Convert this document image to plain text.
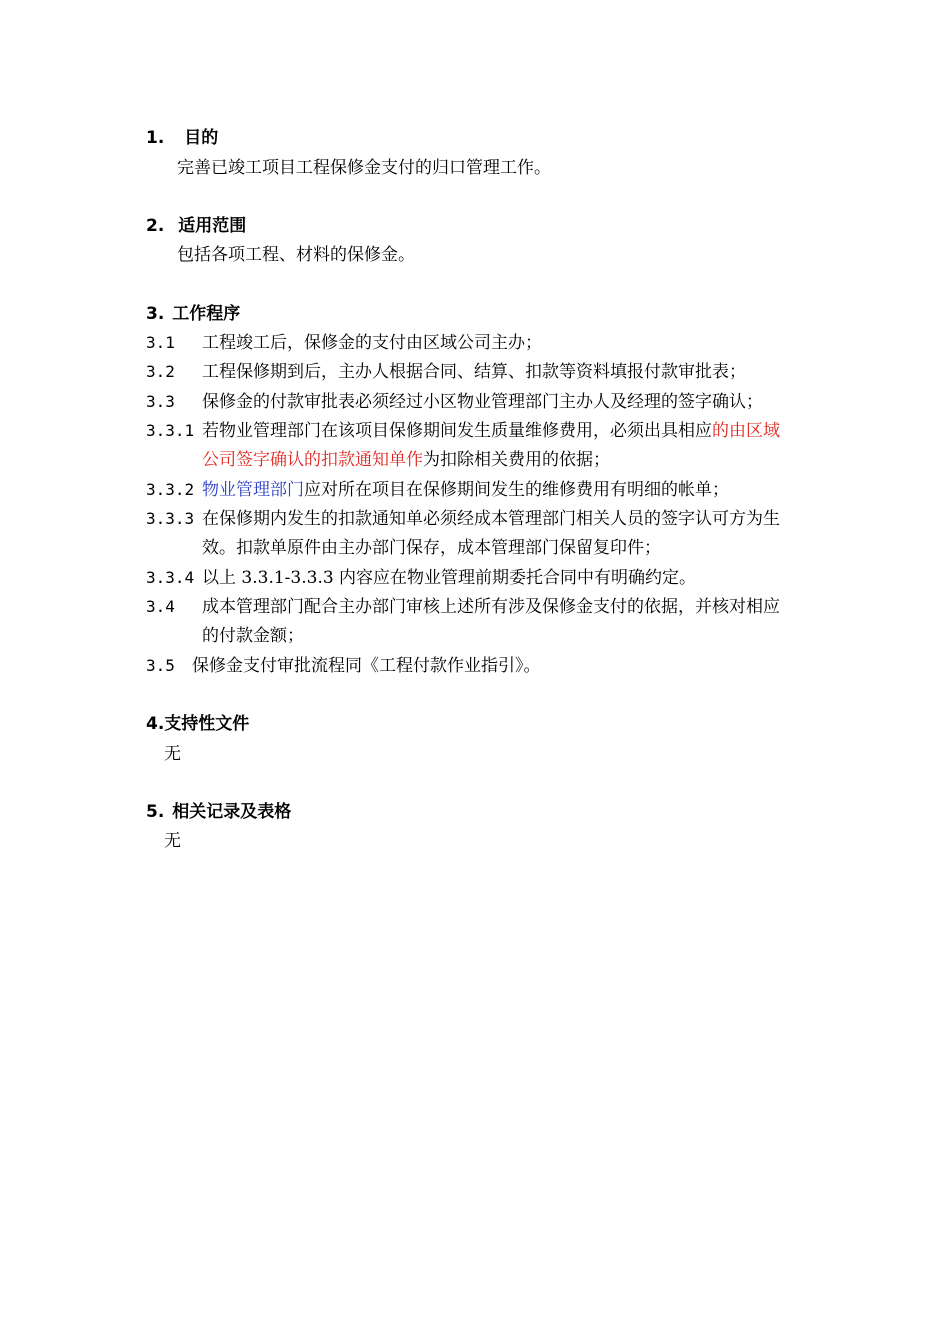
1. 目的
完善已竣工项目工程保修金支付的归口管理工作。
2. 适用范围
包括各项工程、材料的保修金。
3. 工作程序
3.1 工程竣工后，保修金的支付由区域公司主办；
3.2 工程保修期到后，主办人根据合同、结算、扣款等资料填报付款审批表；
3.3 保修金的付款审批表必须经过小区物业管理部门主办人及经理的签字确认；
3.3.1 若物业管理部门在该项目保修期间发生质量维修费用，必须出具相应的由区域
公司签字确认的扣款通知单作为扣除相关费用的依据；
3.3.2 物业管理部门应对所在项目在保修期间发生的维修费用有明细的帐单；
3.3.3 在保修期内发生的扣款通知单必须经成本管理部门相关人员的签字认可方为生
效。扣款单原件由主办部门保存，成本管理部门保留复印件；
3.3.4 以上 3.3.1-3.3.3 内容应在物业管理前期委托合同中有明确约定。
3.4 成本管理部门配合主办部门审核上述所有涉及保修金支付的依据，并核对相应
的付款金额；
3.5 保修金支付审批流程同《工程付款作业指引》。
4.支持性文件
无
5. 相关记录及表格
无
